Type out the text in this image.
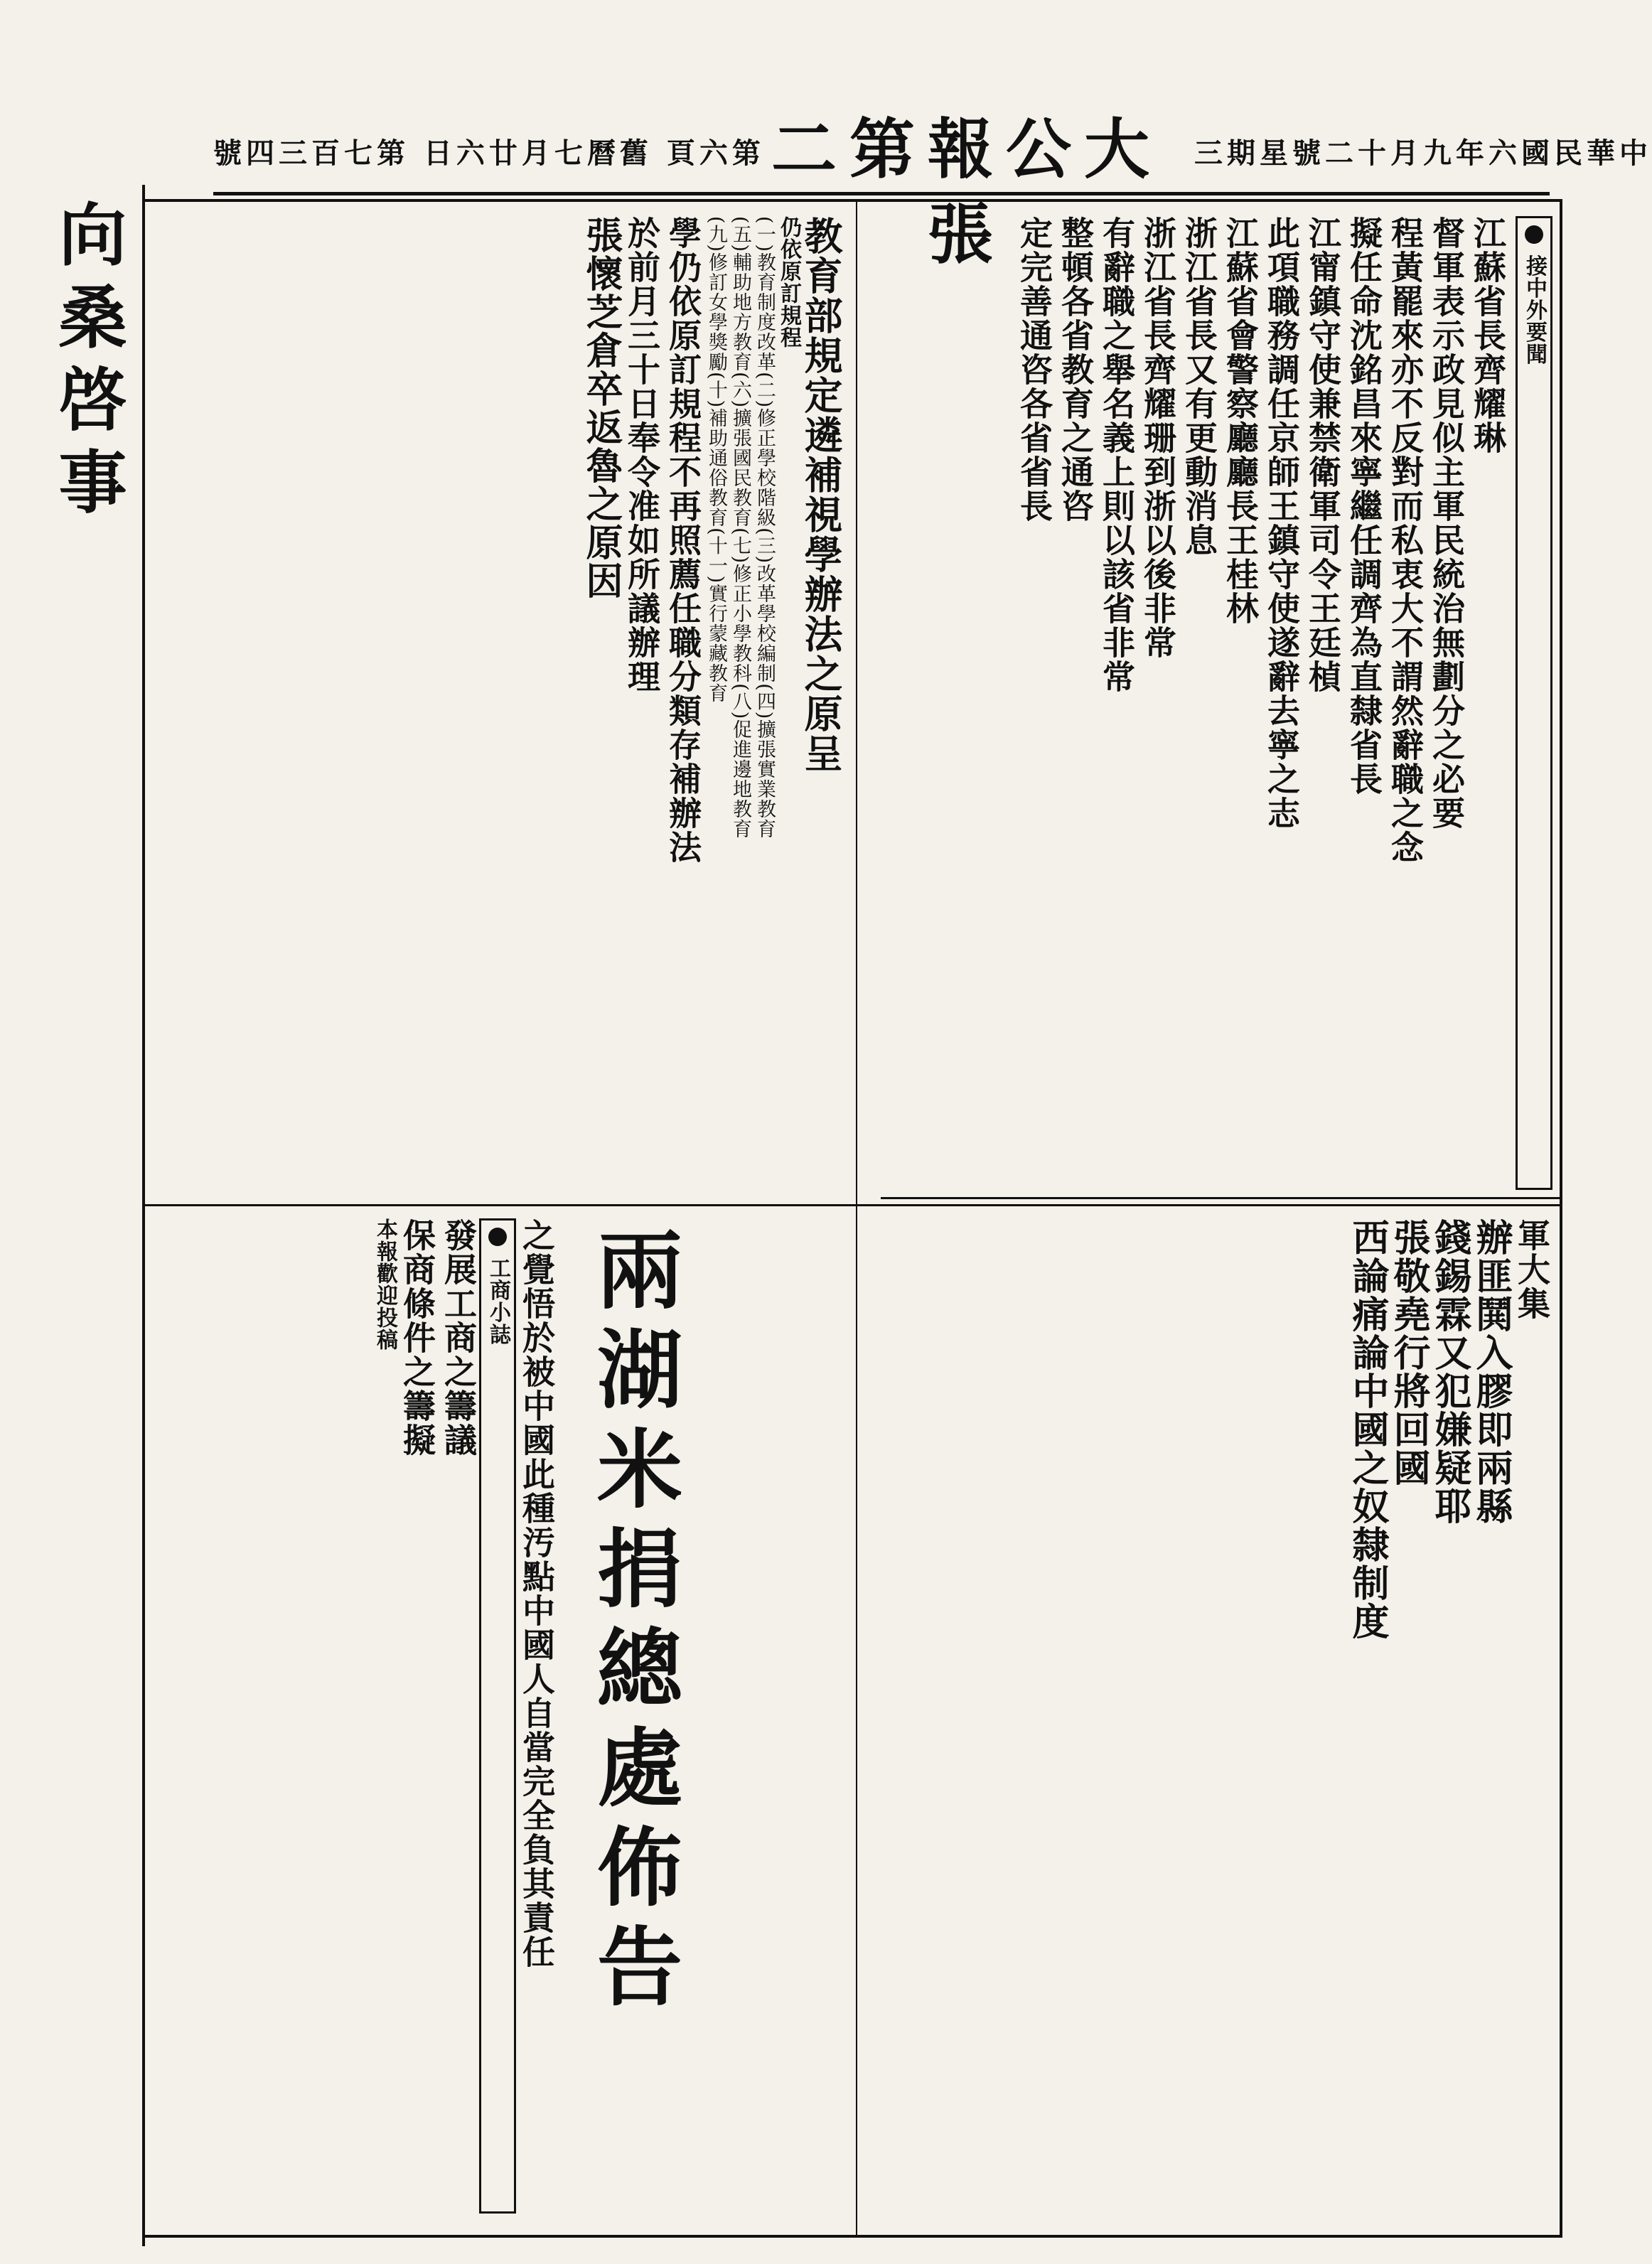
向桑啓事
中華民國六年九月十二號星期三
大公報第二張
第六頁 舊曆七月廿六日 第七百三四號
接中外要聞
江蘇省長齊耀琳
督軍表示政見似主軍民統治無劃分之必要
程黃罷來亦不反對而私衷大不謂然辭職之念
擬任命沈銘昌來寧繼任調齊為直隸省長
江甯鎮守使兼禁衛軍司令王廷楨
此項職務調任京師王鎮守使遂辭去寧之志
江蘇省會警察廳廳長王桂林
浙江省長又有更動消息
浙江省長齊耀珊到浙以後非常
有辭職之舉名義上則以該省非常
整頓各省教育之通咨
定完善通咨各省省長
教育部規定遴補視學辦法之原呈
仍依原訂規程
(一)教育制度改革(二)修正學校階級(三)改革學校編制(四)擴張實業教育
(五)輔助地方教育(六)擴張國民教育(七)修正小學教科(八)促進邊地教育
(九)修訂女學獎勵(十)補助通俗教育(十一)實行蒙藏教育
學仍依原訂規程不再照薦任職分類存補辦法
於前月三十日奉令准如所議辦理
張懷芝倉卒返魯之原因
軍大集
辦匪鬨入膠即兩縣
錢錫霖又犯嫌疑耶
張敬堯行將回國
西論痛論中國之奴隸制度
之覺悟於被中國此種汚點中國人自當完全負其責任
工商小誌
發展工商之籌議
保商條件之籌擬
本報歡迎投稿 兩湖米捐總處佈告
